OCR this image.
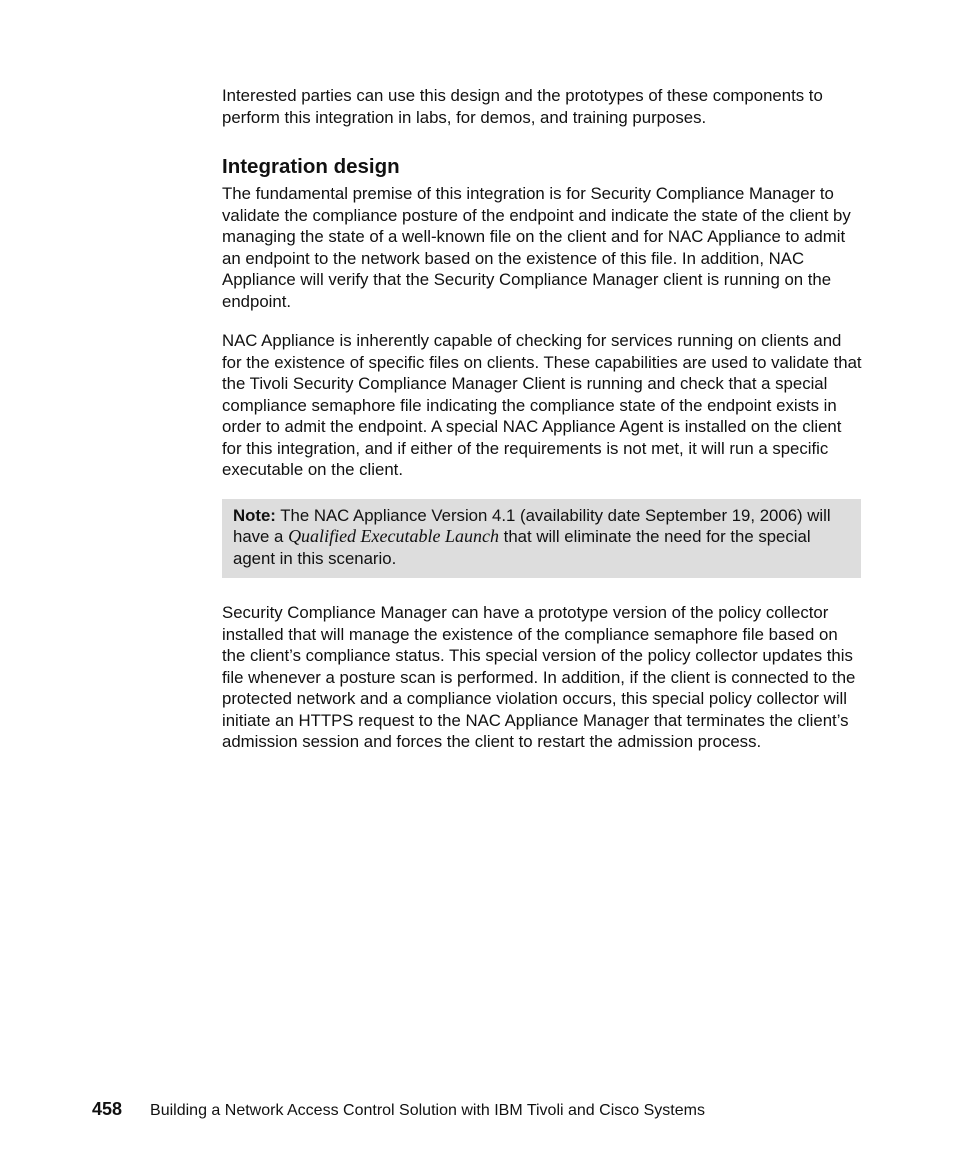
Interested parties can use this design and the prototypes of these components to perform this integration in labs, for demos, and training purposes.

Integration design

The fundamental premise of this integration is for Security Compliance Manager to validate the compliance posture of the endpoint and indicate the state of the client by managing the state of a well-known file on the client and for NAC Appliance to admit an endpoint to the network based on the existence of this file. In addition, NAC Appliance will verify that the Security Compliance Manager client is running on the endpoint.

NAC Appliance is inherently capable of checking for services running on clients and for the existence of specific files on clients. These capabilities are used to validate that the Tivoli Security Compliance Manager Client is running and check that a special compliance semaphore file indicating the compliance state of the endpoint exists in order to admit the endpoint. A special NAC Appliance Agent is installed on the client for this integration, and if either of the requirements is not met, it will run a specific executable on the client.

Note: The NAC Appliance Version 4.1 (availability date September 19, 2006) will have a Qualified Executable Launch that will eliminate the need for the special agent in this scenario.

Security Compliance Manager can have a prototype version of the policy collector installed that will manage the existence of the compliance semaphore file based on the client’s compliance status. This special version of the policy collector updates this file whenever a posture scan is performed. In addition, if the client is connected to the protected network and a compliance violation occurs, this special policy collector will initiate an HTTPS request to the NAC Appliance Manager that terminates the client’s admission session and forces the client to restart the admission process.

458 Building a Network Access Control Solution with IBM Tivoli and Cisco Systems
